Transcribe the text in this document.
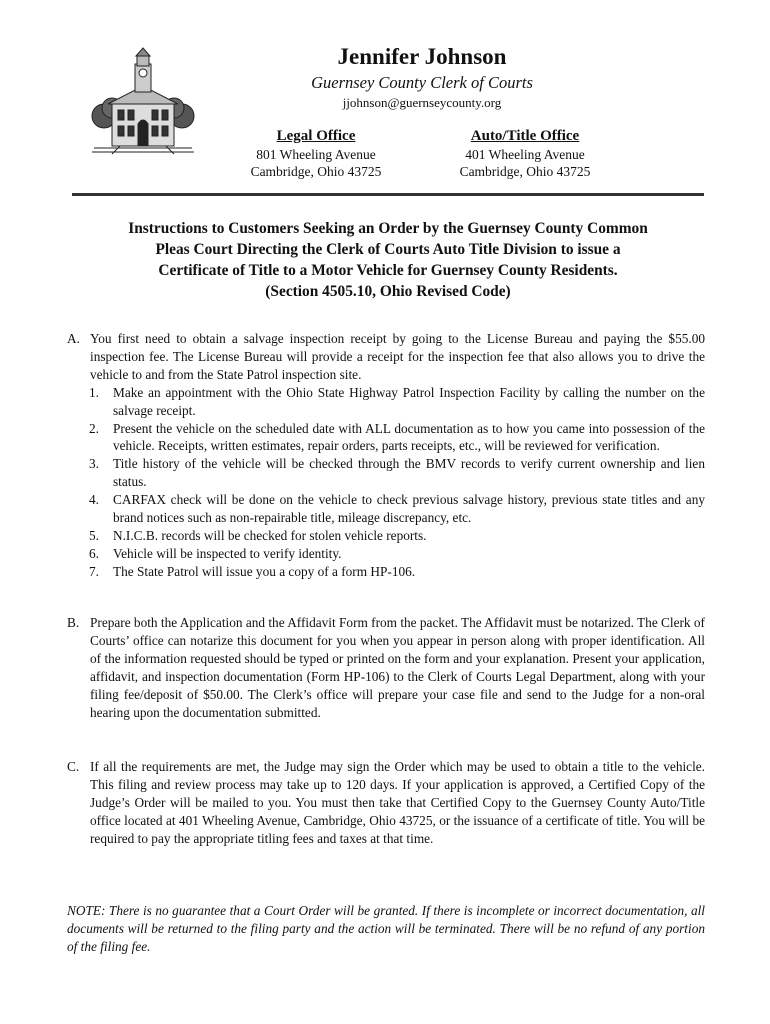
Jennifer Johnson
Guernsey County Clerk of Courts
jjohnson@guernseycounty.org
Legal Office
801 Wheeling Avenue
Cambridge, Ohio 43725
Auto/Title Office
401 Wheeling Avenue
Cambridge, Ohio 43725
Instructions to Customers Seeking an Order by the Guernsey County Common
Pleas Court Directing the Clerk of Courts Auto Title Division to issue a
Certificate of Title to a Motor Vehicle for Guernsey County Residents.
(Section 4505.10, Ohio Revised Code)
A. You first need to obtain a salvage inspection receipt by going to the License Bureau and paying the $55.00 inspection fee. The License Bureau will provide a receipt for the inspection fee that also allows you to drive the vehicle to and from the State Patrol inspection site.
1. Make an appointment with the Ohio State Highway Patrol Inspection Facility by calling the number on the salvage receipt.
2. Present the vehicle on the scheduled date with ALL documentation as to how you came into possession of the vehicle. Receipts, written estimates, repair orders, parts receipts, etc., will be reviewed for verification.
3. Title history of the vehicle will be checked through the BMV records to verify current ownership and lien status.
4. CARFAX check will be done on the vehicle to check previous salvage history, previous state titles and any brand notices such as non-repairable title, mileage discrepancy, etc.
5. N.I.C.B. records will be checked for stolen vehicle reports.
6. Vehicle will be inspected to verify identity.
7. The State Patrol will issue you a copy of a form HP-106.
B. Prepare both the Application and the Affidavit Form from the packet. The Affidavit must be notarized. The Clerk of Courts’ office can notarize this document for you when you appear in person along with proper identification. All of the information requested should be typed or printed on the form and your explanation. Present your application, affidavit, and inspection documentation (Form HP-106) to the Clerk of Courts Legal Department, along with your filing fee/deposit of $50.00. The Clerk’s office will prepare your case file and send to the Judge for a non-oral hearing upon the documentation submitted.
C. If all the requirements are met, the Judge may sign the Order which may be used to obtain a title to the vehicle. This filing and review process may take up to 120 days. If your application is approved, a Certified Copy of the Judge’s Order will be mailed to you. You must then take that Certified Copy to the Guernsey County Auto/Title office located at 401 Wheeling Avenue, Cambridge, Ohio 43725, or the issuance of a certificate of title. You will be required to pay the appropriate titling fees and taxes at that time.
NOTE: There is no guarantee that a Court Order will be granted. If there is incomplete or incorrect documentation, all documents will be returned to the filing party and the action will be terminated. There will be no refund of any portion of the filing fee.
